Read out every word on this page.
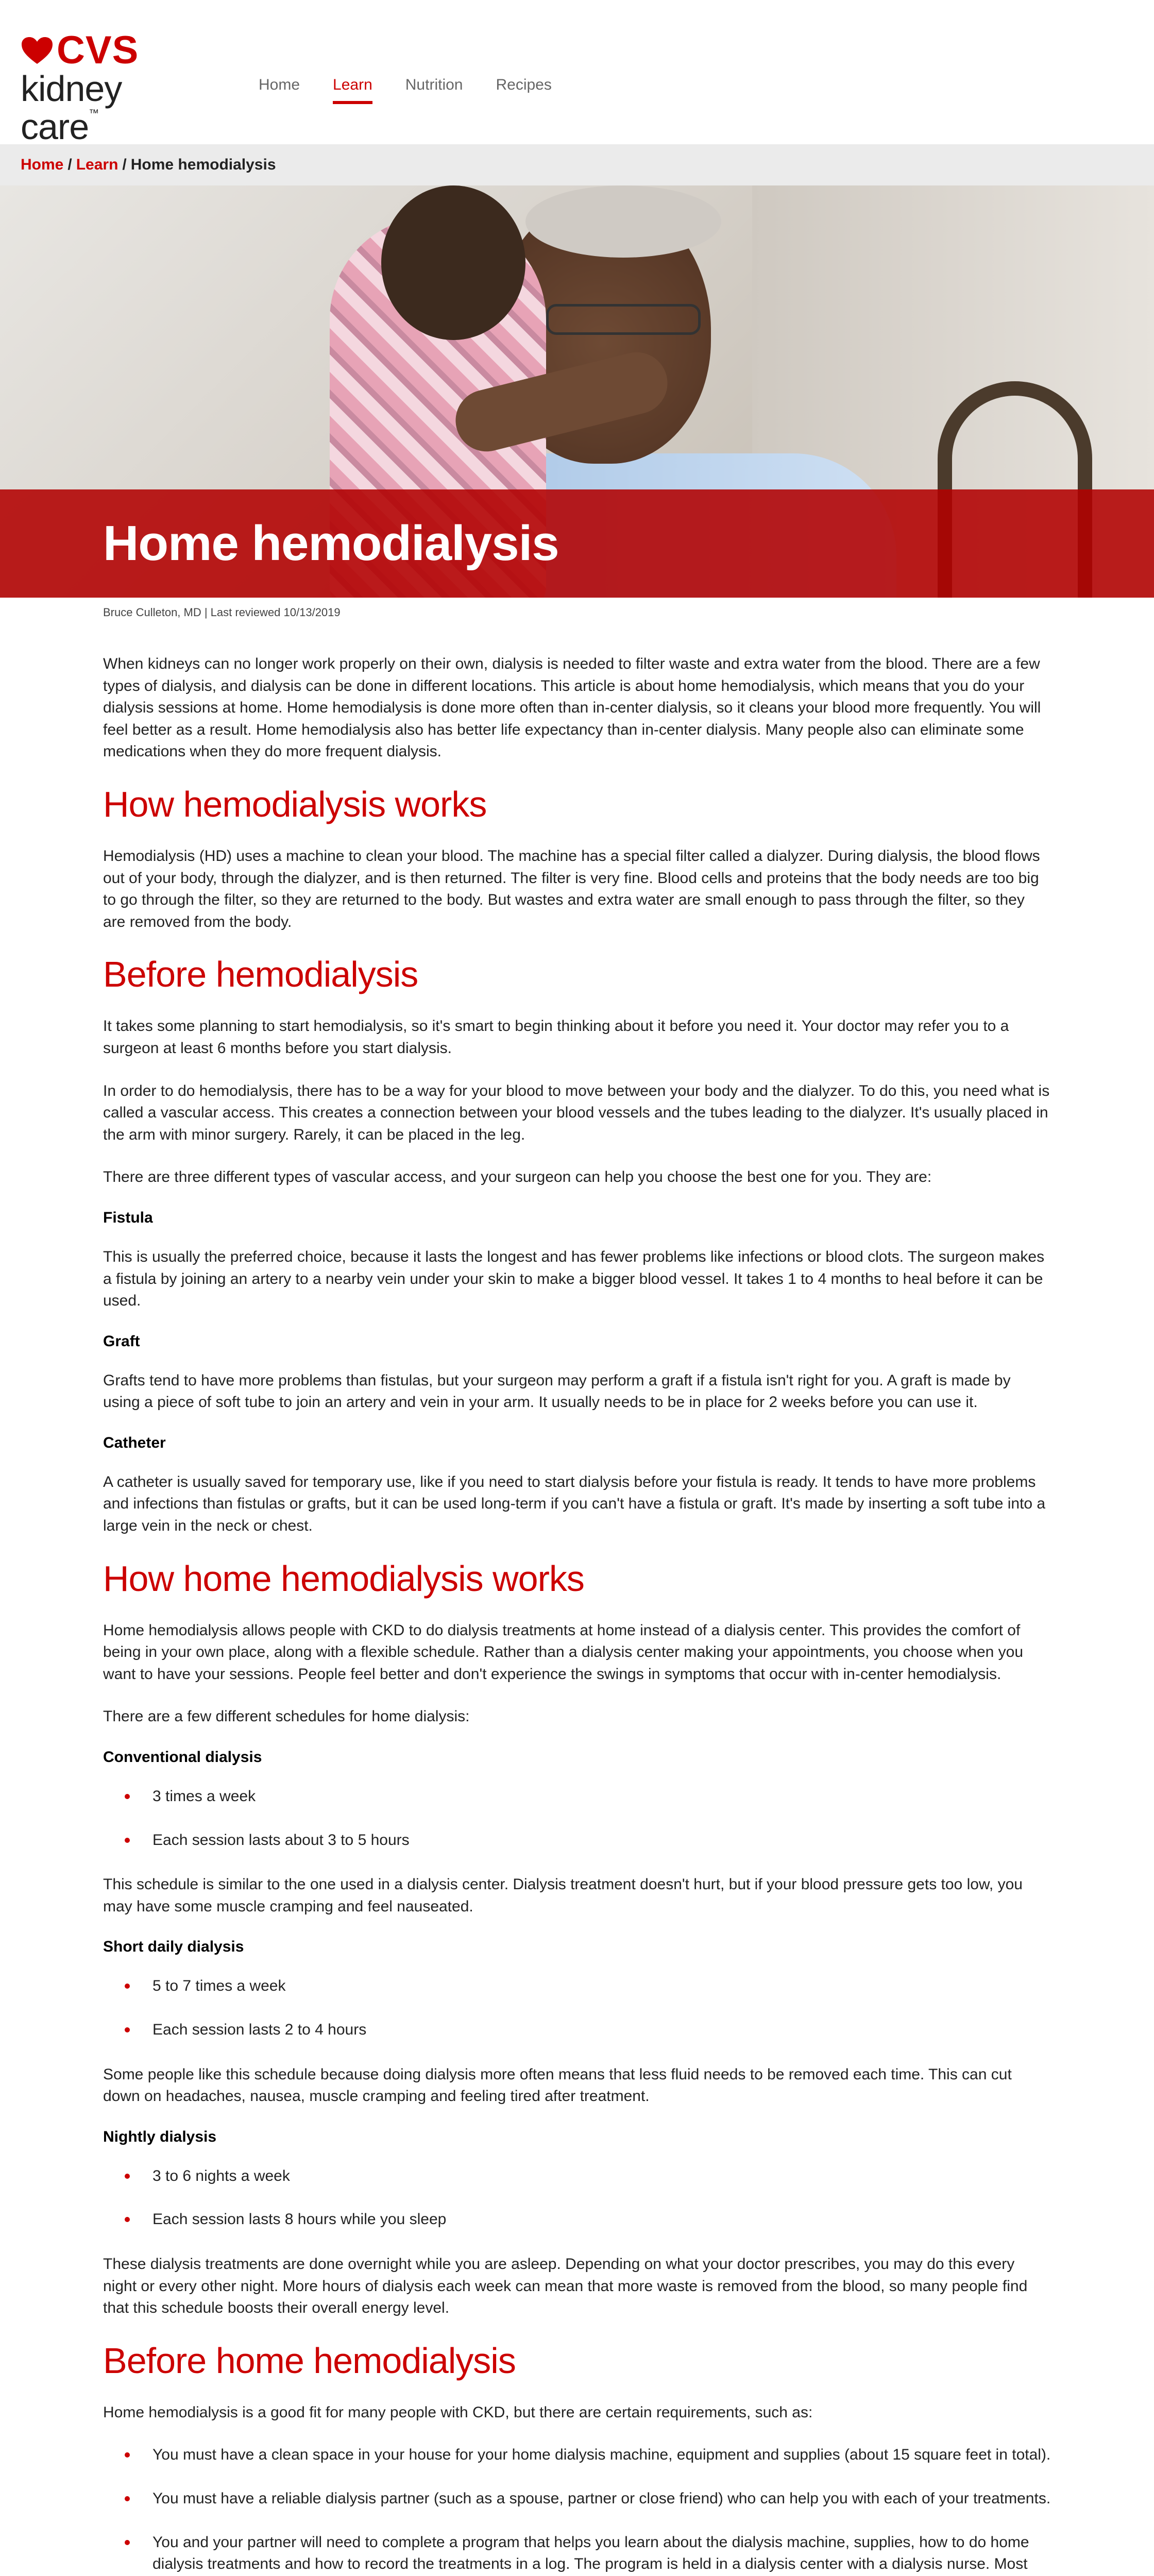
CVS
kidney care™
Home Learn Nutrition Recipes
Home / Learn / Home hemodialysis
Home hemodialysis
Bruce Culleton, MD | Last reviewed 10/13/2019

When kidneys can no longer work properly on their own, dialysis is needed to filter waste and extra water from the blood. There are a few types of dialysis, and dialysis can be done in different locations. This article is about home hemodialysis, which means that you do your dialysis sessions at home. Home hemodialysis is done more often than in-center dialysis, so it cleans your blood more frequently. You will feel better as a result. Home hemodialysis also has better life expectancy than in-center dialysis. Many people also can eliminate some medications when they do more frequent dialysis.

How hemodialysis works

Hemodialysis (HD) uses a machine to clean your blood. The machine has a special filter called a dialyzer. During dialysis, the blood flows out of your body, through the dialyzer, and is then returned. The filter is very fine. Blood cells and proteins that the body needs are too big to go through the filter, so they are returned to the body. But wastes and extra water are small enough to pass through the filter, so they are removed from the body.

Before hemodialysis

It takes some planning to start hemodialysis, so it's smart to begin thinking about it before you need it. Your doctor may refer you to a surgeon at least 6 months before you start dialysis.

In order to do hemodialysis, there has to be a way for your blood to move between your body and the dialyzer. To do this, you need what is called a vascular access. This creates a connection between your blood vessels and the tubes leading to the dialyzer. It's usually placed in the arm with minor surgery. Rarely, it can be placed in the leg.

There are three different types of vascular access, and your surgeon can help you choose the best one for you. They are:

Fistula

This is usually the preferred choice, because it lasts the longest and has fewer problems like infections or blood clots. The surgeon makes a fistula by joining an artery to a nearby vein under your skin to make a bigger blood vessel. It takes 1 to 4 months to heal before it can be used.

Graft

Grafts tend to have more problems than fistulas, but your surgeon may perform a graft if a fistula isn't right for you. A graft is made by using a piece of soft tube to join an artery and vein in your arm. It usually needs to be in place for 2 weeks before you can use it.

Catheter

A catheter is usually saved for temporary use, like if you need to start dialysis before your fistula is ready. It tends to have more problems and infections than fistulas or grafts, but it can be used long-term if you can't have a fistula or graft. It's made by inserting a soft tube into a large vein in the neck or chest.

How home hemodialysis works

Home hemodialysis allows people with CKD to do dialysis treatments at home instead of a dialysis center. This provides the comfort of being in your own place, along with a flexible schedule. Rather than a dialysis center making your appointments, you choose when you want to have your sessions. People feel better and don't experience the swings in symptoms that occur with in-center hemodialysis.

There are a few different schedules for home dialysis:

Conventional dialysis
3 times a week
Each session lasts about 3 to 5 hours

This schedule is similar to the one used in a dialysis center. Dialysis treatment doesn't hurt, but if your blood pressure gets too low, you may have some muscle cramping and feel nauseated.

Short daily dialysis
5 to 7 times a week
Each session lasts 2 to 4 hours

Some people like this schedule because doing dialysis more often means that less fluid needs to be removed each time. This can cut down on headaches, nausea, muscle cramping and feeling tired after treatment.

Nightly dialysis
3 to 6 nights a week
Each session lasts 8 hours while you sleep

These dialysis treatments are done overnight while you are asleep. Depending on what your doctor prescribes, you may do this every night or every other night. More hours of dialysis each week can mean that more waste is removed from the blood, so many people find that this schedule boosts their overall energy level.

Before home hemodialysis

Home hemodialysis is a good fit for many people with CKD, but there are certain requirements, such as:

You must have a clean space in your house for your home dialysis machine, equipment and supplies (about 15 square feet in total).
You must have a reliable dialysis partner (such as a spouse, partner or close friend) who can help you with each of your treatments.
You and your partner will need to complete a program that helps you learn about the dialysis machine, supplies, how to do home dialysis treatments and how to record the treatments in a log. The program is held in a dialysis center with a dialysis nurse. Most
